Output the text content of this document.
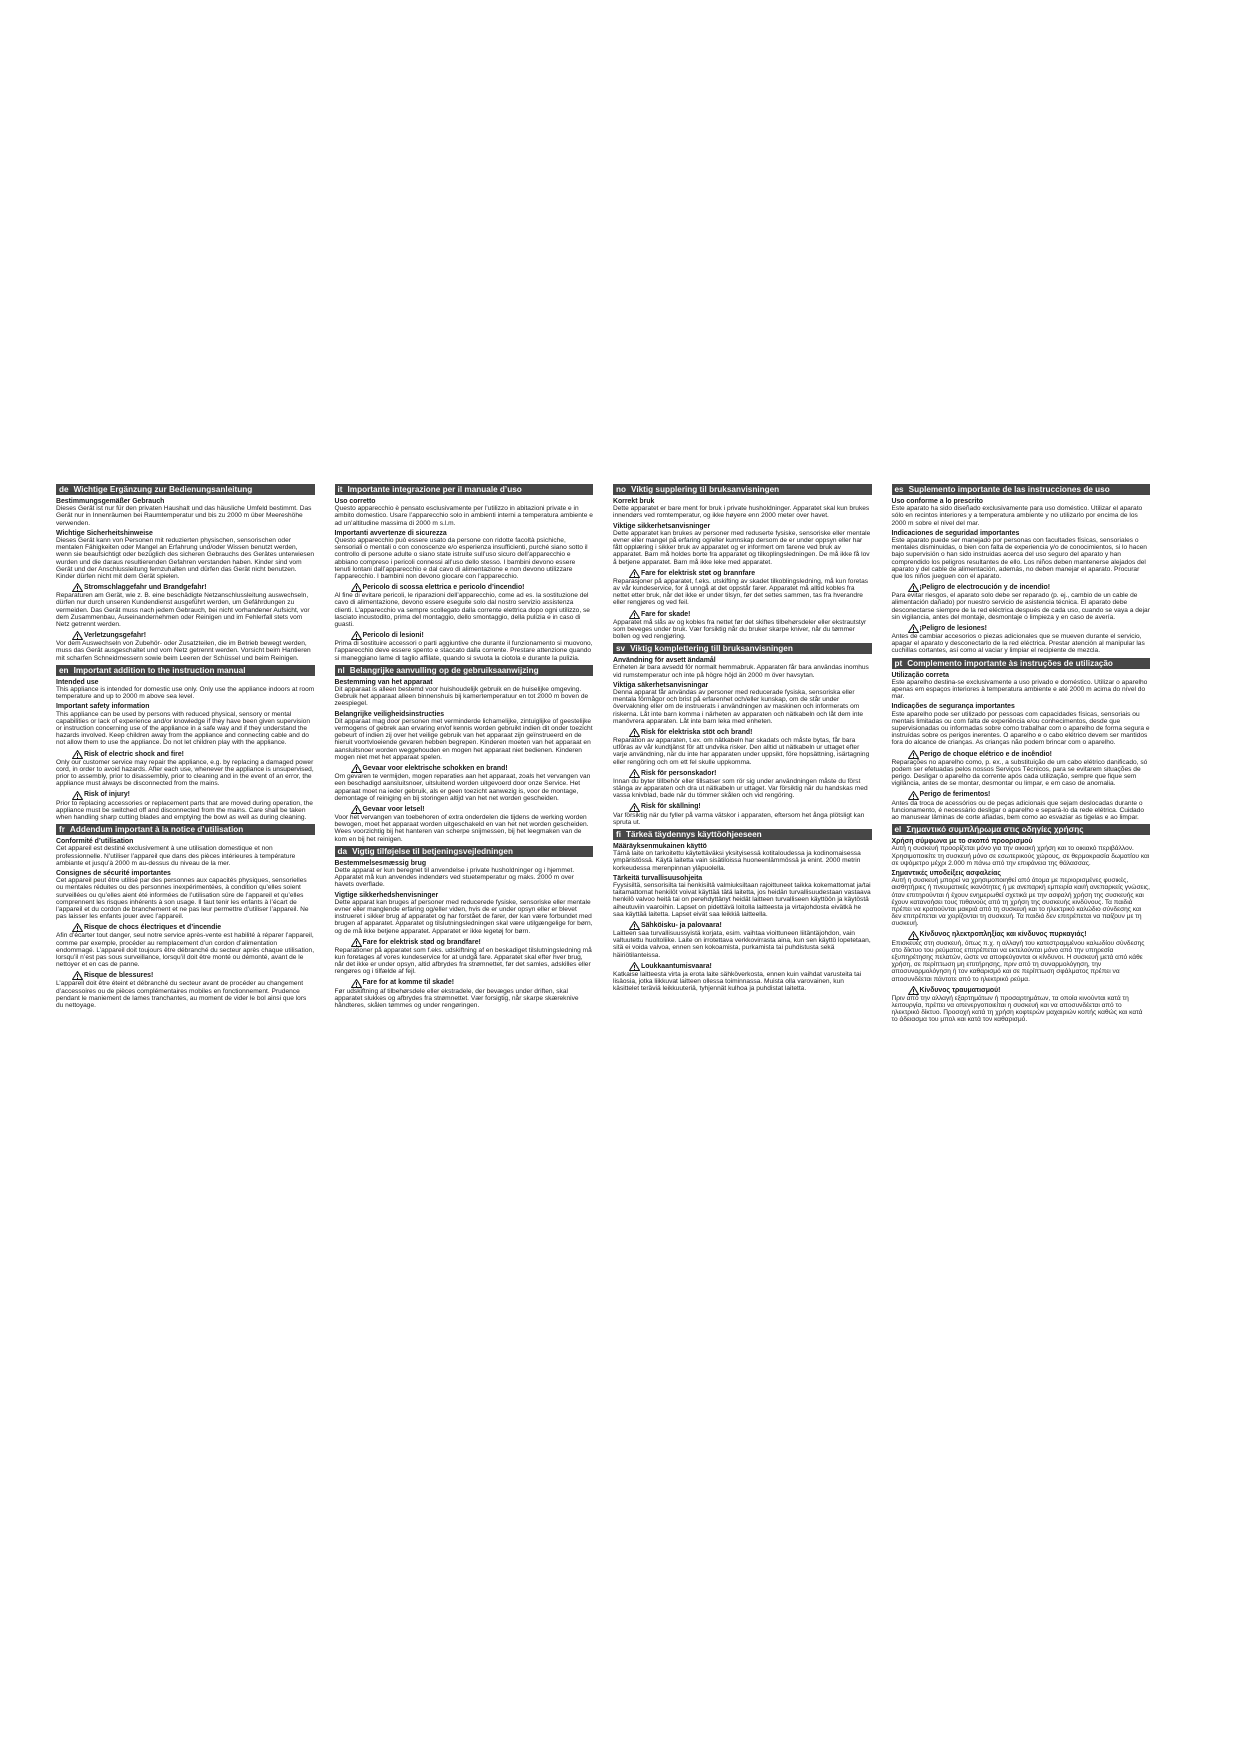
de Wichtige Ergänzung zur Bedienungsanleitung
Bestimmungsgemäßer Gebrauch
Dieses Gerät ist nur für den privaten Haushalt und das häusliche Umfeld bestimmt. Das Gerät nur in Innenräumen bei Raumtemperatur und bis zu 2000 m über Meereshöhe verwenden.
Wichtige Sicherheitshinweise
Dieses Gerät kann von Personen mit reduzierten physischen, sensorischen oder mentalen Fähigkeiten oder Mangel an Erfahrung und/oder Wissen benutzt werden, wenn sie beaufsichtigt oder bezüglich des sicheren Gebrauchs des Gerätes unterwiesen wurden und die daraus resultierenden Gefahren verstanden haben. Kinder sind vom Gerät und der Anschlussleitung fernzuhalten und dürfen das Gerät nicht benutzen. Kinder dürfen nicht mit dem Gerät spielen.
Stromschlaggefahr und Brandgefahr!
Reparaturen am Gerät, wie z. B. eine beschädigte Netzanschlussleitung auswechseln, dürfen nur durch unseren Kundendienst ausgeführt werden, um Gefährdungen zu vermeiden. Das Gerät muss nach jedem Gebrauch, bei nicht vorhandener Aufsicht, vor dem Zusammenbau, Auseinandernehmen oder Reinigen und im Fehlerfall stets vom Netz getrennt werden.
Verletzungsgefahr!
Vor dem Auswechseln von Zubehör- oder Zusatzteilen, die im Betrieb bewegt werden, muss das Gerät ausgeschaltet und vom Netz getrennt werden. Vorsicht beim Hantieren mit scharfen Schneidmessern sowie beim Leeren der Schüssel und beim Reinigen.
en Important addition to the instruction manual
Intended use
This appliance is intended for domestic use only. Only use the appliance indoors at room temperature and up to 2000 m above sea level.
Important safety information
This appliance can be used by persons with reduced physical, sensory or mental capabilities or lack of experience and/or knowledge if they have been given supervision or instruction concerning use of the appliance in a safe way and if they understand the hazards involved. Keep children away from the appliance and connecting cable and do not allow them to use the appliance. Do not let children play with the appliance.
Risk of electric shock and fire!
Only our customer service may repair the appliance, e.g. by replacing a damaged power cord, in order to avoid hazards. After each use, whenever the appliance is unsupervised, prior to assembly, prior to disassembly, prior to cleaning and in the event of an error, the appliance must always be disconnected from the mains.
Risk of injury!
Prior to replacing accessories or replacement parts that are moved during operation, the appliance must be switched off and disconnected from the mains. Care shall be taken when handling sharp cutting blades and emptying the bowl as well as during cleaning.
fr Addendum important à la notice d’utilisation
Conformité d’utilisation
Cet appareil est destiné exclusivement à une utilisation domestique et non professionnelle. N’utiliser l’appareil que dans des pièces intérieures à température ambiante et jusqu’à 2000 m au-dessus du niveau de la mer.
Consignes de sécurité importantes
Cet appareil peut être utilisé par des personnes aux capacités physiques, sensorielles ou mentales réduites ou des personnes inexpérimentées, à condition qu’elles soient surveillées ou qu’elles aient été informées de l’utilisation sûre de l’appareil et qu’elles comprennent les risques inhérents à son usage. Il faut tenir les enfants à l’écart de l’appareil et du cordon de branchement et ne pas leur permettre d’utiliser l’appareil. Ne pas laisser les enfants jouer avec l’appareil.
Risque de chocs électriques et d’incendie
Afin d’écarter tout danger, seul notre service après-vente est habilité à réparer l’appareil, comme par exemple, procéder au remplacement d’un cordon d’alimentation endommagé. L’appareil doit toujours être débranché du secteur après chaque utilisation, lorsqu’il n’est pas sous surveillance, lorsqu’il doit être monté ou démonté, avant de le nettoyer et en cas de panne.
Risque de blessures!
L’appareil doit être éteint et débranché du secteur avant de procéder au changement d’accessoires ou de pièces complémentaires mobiles en fonctionnement. Prudence pendant le maniement de lames tranchantes, au moment de vider le bol ainsi que lors du nettoyage.
it Importante integrazione per il manuale d’uso
Uso corretto
Questo apparecchio è pensato esclusivamente per l’utilizzo in abitazioni private e in ambito domestico. Usare l’apparecchio solo in ambienti interni a temperatura ambiente e ad un’altitudine massima di 2000 m s.l.m.
Importanti avvertenze di sicurezza
Questo apparecchio può essere usato da persone con ridotte facoltà psichiche, sensoriali o mentali o con conoscenze e/o esperienza insufficienti, purché siano sotto il controllo di persone adulte o siano state istruite sull’uso sicuro dell’apparecchio e abbiano compreso i pericoli connessi all’uso dello stesso. I bambini devono essere tenuti lontani dall’apparecchio e dal cavo di alimentazione e non devono utilizzare l’apparecchio. I bambini non devono giocare con l’apparecchio.
Pericolo di scossa elettrica e pericolo d’incendio!
Al fine di evitare pericoli, le riparazioni dell’apparecchio, come ad es. la sostituzione del cavo di alimentazione, devono essere eseguite solo dal nostro servizio assistenza clienti. L’apparecchio va sempre scollegato dalla corrente elettrica dopo ogni utilizzo, se lasciato incustodito, prima del montaggio, dello smontaggio, della pulizia e in caso di guasti.
Pericolo di lesioni!
Prima di sostituire accessori o parti aggiuntive che durante il funzionamento si muovono, l’apparecchio deve essere spento e staccato dalla corrente. Prestare attenzione quando si maneggiano lame di taglio affilate, quando si svuota la ciotola e durante la pulizia.
nl Belangrijke aanvulling op de gebruiksaanwijzing
Bestemming van het apparaat
Dit apparaat is alleen bestemd voor huishoudelijk gebruik en de huiselijke omgeving. Gebruik het apparaat alleen binnenshuis bij kamertemperatuur en tot 2000 m boven de zeespiegel.
Belangrijke veiligheidsinstructies
Dit apparaat mag door personen met verminderde lichamelijke, zintuiglijke of geestelijke vermogens of gebrek aan ervaring en/of kennis worden gebruikt indien dit onder toezicht gebeurt of indien zij over het veilige gebruik van het apparaat zijn geïnstrueerd en de hieruit voortvloeiende gevaren hebben begrepen. Kinderen moeten van het apparaat en aansluitsnoer worden weggehouden en mogen het apparaat niet bedienen. Kinderen mogen niet met het apparaat spelen.
Gevaar voor elektrische schokken en brand!
Om gevaren te vermijden, mogen reparaties aan het apparaat, zoals het vervangen van een beschadigd aansluitsnoer, uitsluitend worden uitgevoerd door onze Service. Het apparaat moet na ieder gebruik, als er geen toezicht aanwezig is, voor de montage, demontage of reiniging en bij storingen altijd van het net worden gescheiden.
Gevaar voor letsel!
Voor het vervangen van toebehoren of extra onderdelen die tijdens de werking worden bewogen, moet het apparaat worden uitgeschakeld en van het net worden gescheiden. Wees voorzichtig bij het hanteren van scherpe snijmessen, bij het leegmaken van de kom en bij het reinigen.
da Vigtig tilføjelse til betjeningsvejledningen
Bestemmelsesmæssig brug
Dette apparat er kun beregnet til anvendelse i private husholdninger og i hjemmet. Apparatet må kun anvendes indendørs ved stuetemperatur og maks. 2000 m over havets overflade.
Vigtige sikkerhedshenvisninger
Dette apparat kan bruges af personer med reducerede fysiske, sensoriske eller mentale evner eller manglende erfaring og/eller viden, hvis de er under opsyn eller er blevet instrueret i sikker brug af apparatet og har forstået de farer, der kan være forbundet med brugen af apparatet. Apparatet og tilslutningsledningen skal være utilgængelige for børn, og de må ikke betjene apparatet. Apparatet er ikke legetøj for børn.
Fare for elektrisk stød og brandfare!
Reparationer på apparatet som f.eks. udskiftning af en beskadiget tilslutningsledning må kun foretages af vores kundeservice for at undgå fare. Apparatet skal efter hver brug, når det ikke er under opsyn, altid afbrydes fra strømnettet, før det samles, adskilles eller rengøres og i tilfælde af fejl.
Fare for at komme til skade!
Før udskiftning af tilbehørsdele eller ekstradele, der bevæges under driften, skal apparatet slukkes og afbrydes fra strømnettet. Vær forsigtig, når skarpe skæreknive håndteres, skålen tømmes og under rengøringen.
no Viktig supplering til bruksanvisningen
Korrekt bruk
Dette apparatet er bare ment for bruk i private husholdninger. Apparatet skal kun brukes innendørs ved romtemperatur, og ikke høyere enn 2000 meter over havet.
Viktige sikkerhetsanvisninger
Dette apparatet kan brukes av personer med reduserte fysiske, sensoriske eller mentale evner eller mangel på erfaring og/eller kunnskap dersom de er under oppsyn eller har fått opplæring i sikker bruk av apparatet og er informert om farene ved bruk av apparatet. Barn må holdes borte fra apparatet og tilkoplingsledningen. De må ikke få lov å betjene apparatet. Barn må ikke leke med apparatet.
Fare for elektrisk støt og brannfare
Reparasjoner på apparatet, f.eks. utskifting av skadet tilkoblingsledning, må kun foretas av vår kundeservice, for å unngå at det oppstår farer. Apparatet må alltid kobles fra nettet etter bruk, når det ikke er under tilsyn, før det settes sammen, tas fra hverandre eller rengjøres og ved feil.
Fare for skade!
Apparatet må slås av og kobles fra nettet før det skiftes tilbehørsdeler eller ekstrautstyr som beveges under bruk. Vær forsiktig når du bruker skarpe kniver, når du tømmer bollen og ved rengjøring.
sv Viktig komplettering till bruksanvisningen
Användning för avsett ändamål
Enheten är bara avsedd för normalt hemmabruk. Apparaten får bara användas inomhus vid rumstemperatur och inte på högre höjd än 2000 m över havsytan.
Viktiga säkerhetsanvisningar
Denna apparat får användas av personer med reducerade fysiska, sensoriska eller mentala förmågor och brist på erfarenhet och/eller kunskap, om de står under övervakning eller om de instruerats i användningen av maskinen och informerats om riskerna. Låt inte barn komma i närheten av apparaten och nätkabeln och låt dem inte manövrera apparaten. Låt inte barn leka med enheten.
Risk för elektriska stöt och brand!
Reparation av apparaten, t.ex. om nätkabeln har skadats och måste bytas, får bara utföras av vår kundtjänst för att undvika risker. Den alltid ut nätkabeln ur uttaget efter varje användning, när du inte har apparaten under uppsikt, före hopsättning, isärtagning eller rengöring och om ett fel skulle uppkomma.
Risk för personskador!
Innan du byter tillbehör eller tillsatser som rör sig under användningen måste du först stänga av apparaten och dra ut nätkabeln ur uttaget. Var försiktig när du handskas med vassa knivblad, bade när du tömmer skålen och vid rengöring.
Risk för skällning!
Var försiktig när du fyller på varma vätskor i apparaten, eftersom het ånga plötsligt kan spruta ut.
fi Tärkeä täydennys käyttöohjeeseen
Määräyksenmukainen käyttö
Tämä laite on tarkoitettu käytettäväksi yksityisessä kotitaloudessa ja kodinomaisessa ympäristössä. Käytä laitetta vain sisätiloissa huoneenlämmössä ja enint. 2000 metrin korkeudessa merenpinnan yläpuolella.
Tärkeitä turvallisuusohjeita
Fyysisiltä, sensorisilta tai henkisiltä valmiuksiltaan rajoittuneet taikka kokemattomat ja/tai taitamattomat henkilöt voivat käyttää tätä laitetta, jos heidän turvallisuudestaan vastaava henkilö valvoo heitä tai on perehdyttänyt heidät laitteen turvalliseen käyttöön ja käytöstä aiheutuviin vaaroihin. Lapset on pidettävä loitolla laitteesta ja virtajohdosta eivätkä he saa käyttää laitetta. Lapset eivät saa leikkiä laitteella.
Sähköisku- ja palovaara!
Laitteen saa turvallisuussyistä korjata, esim. vaihtaa vioittuneen liitäntäjohdon, vain valtuutettu huoltoliike. Laite on irrotettava verkkovirrasta aina, kun sen käyttö lopetetaan, sitä ei voida valvoa, ennen sen kokoamista, purkamista tai puhdistusta sekä häiriötilanteissa.
Loukkaantumisvaara!
Katkaise laitteesta virta ja erota laite sähköverkosta, ennen kuin vaihdat varusteita tai lisäosia, jotka liikkuvat laitteen ollessa toiminnassa. Muista olla varovainen, kun käsittelet teräviä leikkuuteriä, tyhjennät kulhoa ja puhdistat laitetta.
es Suplemento importante de las instrucciones de uso
Uso conforme a lo prescrito
Este aparato ha sido diseñado exclusivamente para uso doméstico. Utilizar el aparato sólo en recintos interiores y a temperatura ambiente y no utilizarlo por encima de los 2000 m sobre el nivel del mar.
Indicaciones de seguridad importantes
Este aparato puede ser manejado por personas con facultades físicas, sensoriales o mentales disminuidas, o bien con falta de experiencia y/o de conocimientos, si lo hacen bajo supervisión o han sido instruidas acerca del uso seguro del aparato y han comprendido los peligros resultantes de ello. Los niños deben mantenerse alejados del aparato y del cable de alimentación, además, no deben manejar el aparato. Procurar que los niños jueguen con el aparato.
¡Peligro de electrocución y de incendio!
Para evitar riesgos, el aparato solo debe ser reparado (p. ej., cambio de un cable de alimentación dañado) por nuestro servicio de asistencia técnica. El aparato debe desconectarse siempre de la red eléctrica después de cada uso, cuando se vaya a dejar sin vigilancia, antes del montaje, desmontaje o limpieza y en caso de avería.
¡Peligro de lesiones!
Antes de cambiar accesorios o piezas adicionales que se mueven durante el servicio, apagar el aparato y desconectarlo de la red eléctrica. Prestar atención al manipular las cuchillas cortantes, así como al vaciar y limpiar el recipiente de mezcla.
pt Complemento importante às instruções de utilização
Utilização correta
Este aparelho destina-se exclusivamente a uso privado e doméstico. Utilizar o aparelho apenas em espaços interiores à temperatura ambiente e até 2000 m acima do nível do mar.
Indicações de segurança importantes
Este aparelho pode ser utilizado por pessoas com capacidades físicas, sensoriais ou mentais limitadas ou com falta de experiência e/ou conhecimentos, desde que supervisionadas ou informadas sobre como trabalhar com o aparelho de forma segura e instruídas sobre os perigos inerentes. O aparelho e o cabo elétrico devem ser mantidos fora do alcance de crianças. As crianças não podem brincar com o aparelho.
Perigo de choque elétrico e de incêndio!
Reparações no aparelho como, p. ex., a substituição de um cabo elétrico danificado, só podem ser efetuadas pelos nossos Serviços Técnicos, para se evitarem situações de perigo. Desligar o aparelho da corrente após cada utilização, sempre que fique sem vigilância, antes de se montar, desmontar ou limpar, e em caso de anomalia.
Perigo de ferimentos!
Antes da troca de acessórios ou de peças adicionais que sejam deslocadas durante o funcionamento, é necessário desligar o aparelho e separá-lo da rede elétrica. Cuidado ao manusear lâminas de corte afiadas, bem como ao esvaziar as tigelas e ao limpar.
el Σημαντικό συμπλήρωμα στις οδηγίες χρήσης
Χρήση σύμφωνα με το σκοπό προορισμού
Αυτή η συσκευή προορίζεται μόνο για την οικιακή χρήση και το οικιακό περιβάλλον. Χρησιμοποιείτε τη συσκευή μόνο σε εσωτερικούς χώρους, σε θερμοκρασία δωματίου και σε υψόμετρο μέχρι 2.000 m πάνω από την επιφάνεια της θάλασσας.
Σημαντικές υποδείξεις ασφαλείας
Αυτή η συσκευή μπορεί να χρησιμοποιηθεί από άτομα με περιορισμένες φυσικές, αισθητήριες ή πνευματικές ικανότητες ή με ανεπαρκή εμπειρία και/ή ανεπαρκείς γνώσεις, όταν επιτηρούνται ή έχουν ενημερωθεί σχετικά με την ασφαλή χρήση της συσκευής και έχουν κατανοήσει τους πιθανούς από τη χρήση της συσκευής κινδύνους. Τα παιδιά πρέπει να κρατιούνται μακριά από τη συσκευή και το ηλεκτρικό καλώδιο σύνδεσης και δεν επιτρέπεται να χειρίζονται τη συσκευή. Τα παιδιά δεν επιτρέπεται να παίζουν με τη συσκευή.
Κίνδυνος ηλεκτροπληξίας και κίνδυνος πυρκαγιάς!
Επισκευές στη συσκευή, όπως π.χ. η αλλαγή του κατεστραμμένου καλωδίου σύνδεσης στο δίκτυο του ρεύματος επιτρέπεται να εκτελούνται μόνο από την υπηρεσία εξυπηρέτησης πελατών, ώστε να αποφεύγονται οι κίνδυνοι. Η συσκευή μετά από κάθε χρήση, σε περίπτωση μη επιτήρησης, πριν από τη συναρμολόγηση, την αποσυναρμολόγηση ή τον καθαρισμό και σε περίπτωση σφάλματος πρέπει να αποσυνδέεται πάντοτε από το ηλεκτρικό ρεύμα.
Κίνδυνος τραυματισμού!
Πριν από την αλλαγή εξαρτημάτων ή προσαρτημάτων, τα οποία κινούνται κατά τη λειτουργία, πρέπει να απενεργοποιείται η συσκευή και να αποσυνδέεται από το ηλεκτρικό δίκτυο. Προσοχή κατά τη χρήση κοφτερών μαχαιριών κοπής καθώς και κατά το άδειασμα του μπολ και κατά τον καθαρισμό.
